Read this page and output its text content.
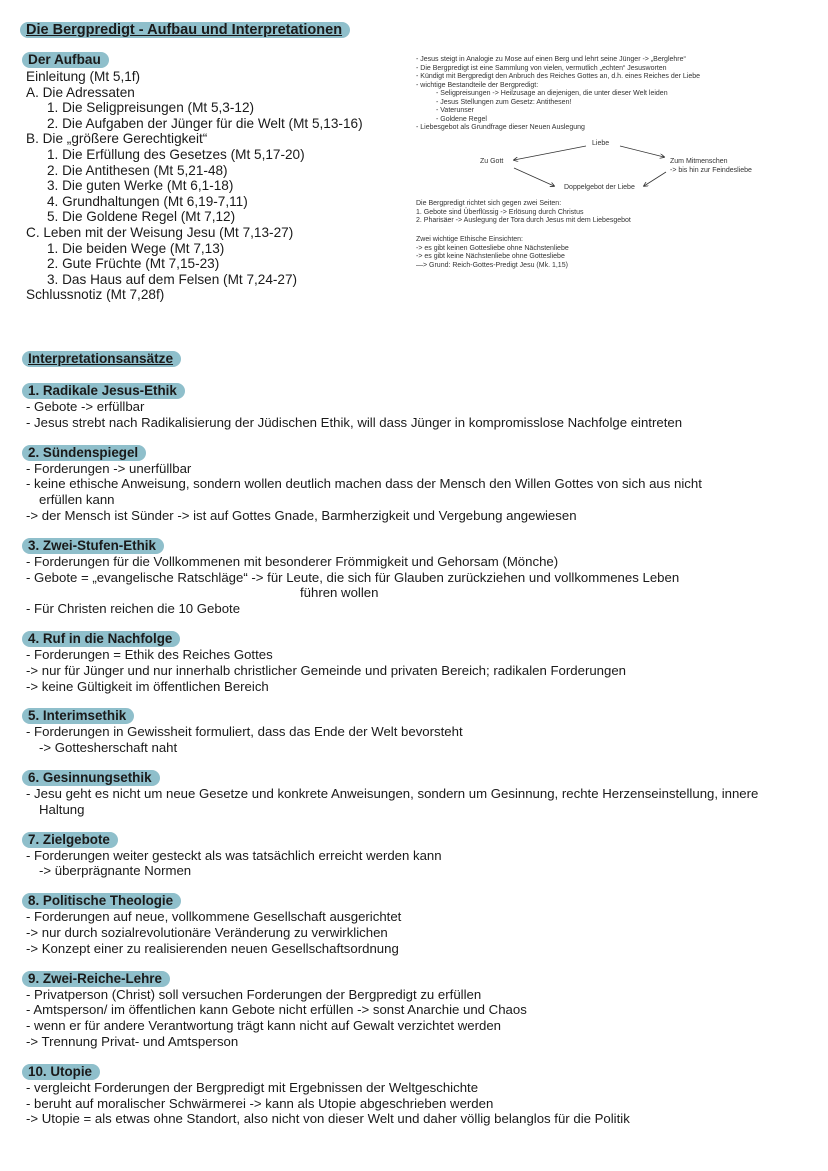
Die Bergpredigt - Aufbau und Interpretationen
Der Aufbau
Einleitung (Mt 5,1f)
A. Die Adressaten
1. Die Seligpreisungen (Mt 5,3-12)
2. Die Aufgaben der Jünger für die Welt (Mt 5,13-16)
B. Die „größere Gerechtigkeit“
1. Die Erfüllung des Gesetzes (Mt 5,17-20)
2. Die Antithesen (Mt 5,21-48)
3. Die guten Werke (Mt 6,1-18)
4. Grundhaltungen (Mt 6,19-7,11)
5. Die Goldene Regel (Mt 7,12)
C. Leben mit der Weisung Jesu (Mt 7,13-27)
1. Die beiden Wege (Mt 7,13)
2. Gute Früchte (Mt 7,15-23)
3. Das Haus auf dem Felsen (Mt 7,24-27)
Schlussnotiz (Mt 7,28f)
- Jesus steigt in Analogie zu Mose auf einen Berg und lehrt seine Jünger -> „Berglehre“
- Die Bergpredigt ist eine Sammlung von vielen, vermutlich „echten“ Jesusworten
- Kündigt mit Bergpredigt den Anbruch des Reiches Gottes an, d.h. eines Reiches der Liebe
- wichtige Bestandteile der Bergpredigt:
- Seligpreisungen -> Heilzusage an diejenigen, die unter dieser Welt leiden
- Jesus Stellungen zum Gesetz: Antithesen!
- Vaterunser
- Goldene Regel
- Liebesgebot als Grundfrage dieser Neuen Auslegung
Liebe
Zu Gott	Zum Mitmenschen
-> bis hin zur Feindesliebe
Doppelgebot der Liebe
Die Bergpredigt richtet sich gegen zwei Seiten:
1. Gebote sind Überflüssig -> Erlösung durch Christus
2. Pharisäer -> Auslegung der Tora durch Jesus mit dem Liebesgebot
Zwei wichtige Ethische Einsichten:
-> es gibt keinen Gottesliebe ohne Nächstenliebe
-> es gibt keine Nächstenliebe ohne Gottesliebe
—> Grund: Reich-Gottes-Predigt Jesu (Mk. 1,15)
Interpretationsansätze
1. Radikale Jesus-Ethik
- Gebote -> erfüllbar
- Jesus strebt nach Radikalisierung der Jüdischen Ethik, will dass Jünger in kompromisslose Nachfolge eintreten
2. Sündenspiegel
- Forderungen -> unerfüllbar
- keine ethische Anweisung, sondern wollen deutlich machen dass der Mensch den Willen Gottes von sich aus nicht
erfüllen kann
-> der Mensch ist Sünder -> ist auf Gottes Gnade, Barmherzigkeit und Vergebung angewiesen
3. Zwei-Stufen-Ethik
- Forderungen für die Vollkommenen mit besonderer Frömmigkeit und Gehorsam (Mönche)
- Gebote = „evangelische Ratschläge“ -> für Leute, die sich für Glauben zurückziehen und vollkommenes Leben
führen wollen
- Für Christen reichen die 10 Gebote
4. Ruf in die Nachfolge
- Forderungen = Ethik des Reiches Gottes
-> nur für Jünger und nur innerhalb christlicher Gemeinde und privaten Bereich; radikalen Forderungen
-> keine Gültigkeit im öffentlichen Bereich
5. Interimsethik
- Forderungen in Gewissheit formuliert, dass das Ende der Welt bevorsteht
-> Gottesherschaft naht
6. Gesinnungsethik
- Jesu geht es nicht um neue Gesetze und konkrete Anweisungen, sondern um Gesinnung, rechte Herzenseinstellung, innere
Haltung
7. Zielgebote
- Forderungen weiter gesteckt als was tatsächlich erreicht werden kann
-> überprägnante Normen
8. Politische Theologie
- Forderungen auf neue, vollkommene Gesellschaft ausgerichtet
-> nur durch sozialrevolutionäre Veränderung zu verwirklichen
-> Konzept einer zu realisierenden neuen Gesellschaftsordnung
9. Zwei-Reiche-Lehre
- Privatperson (Christ) soll versuchen Forderungen der Bergpredigt zu erfüllen
- Amtsperson/ im öffentlichen kann Gebote nicht erfüllen -> sonst Anarchie und Chaos
- wenn er für andere Verantwortung trägt kann nicht auf Gewalt verzichtet werden
-> Trennung Privat- und Amtsperson
10. Utopie
- vergleicht Forderungen der Bergpredigt mit Ergebnissen der Weltgeschichte
- beruht auf moralischer Schwärmerei -> kann als Utopie abgeschrieben werden
-> Utopie = als etwas ohne Standort, also nicht von dieser Welt und daher völlig belanglos für die Politik
